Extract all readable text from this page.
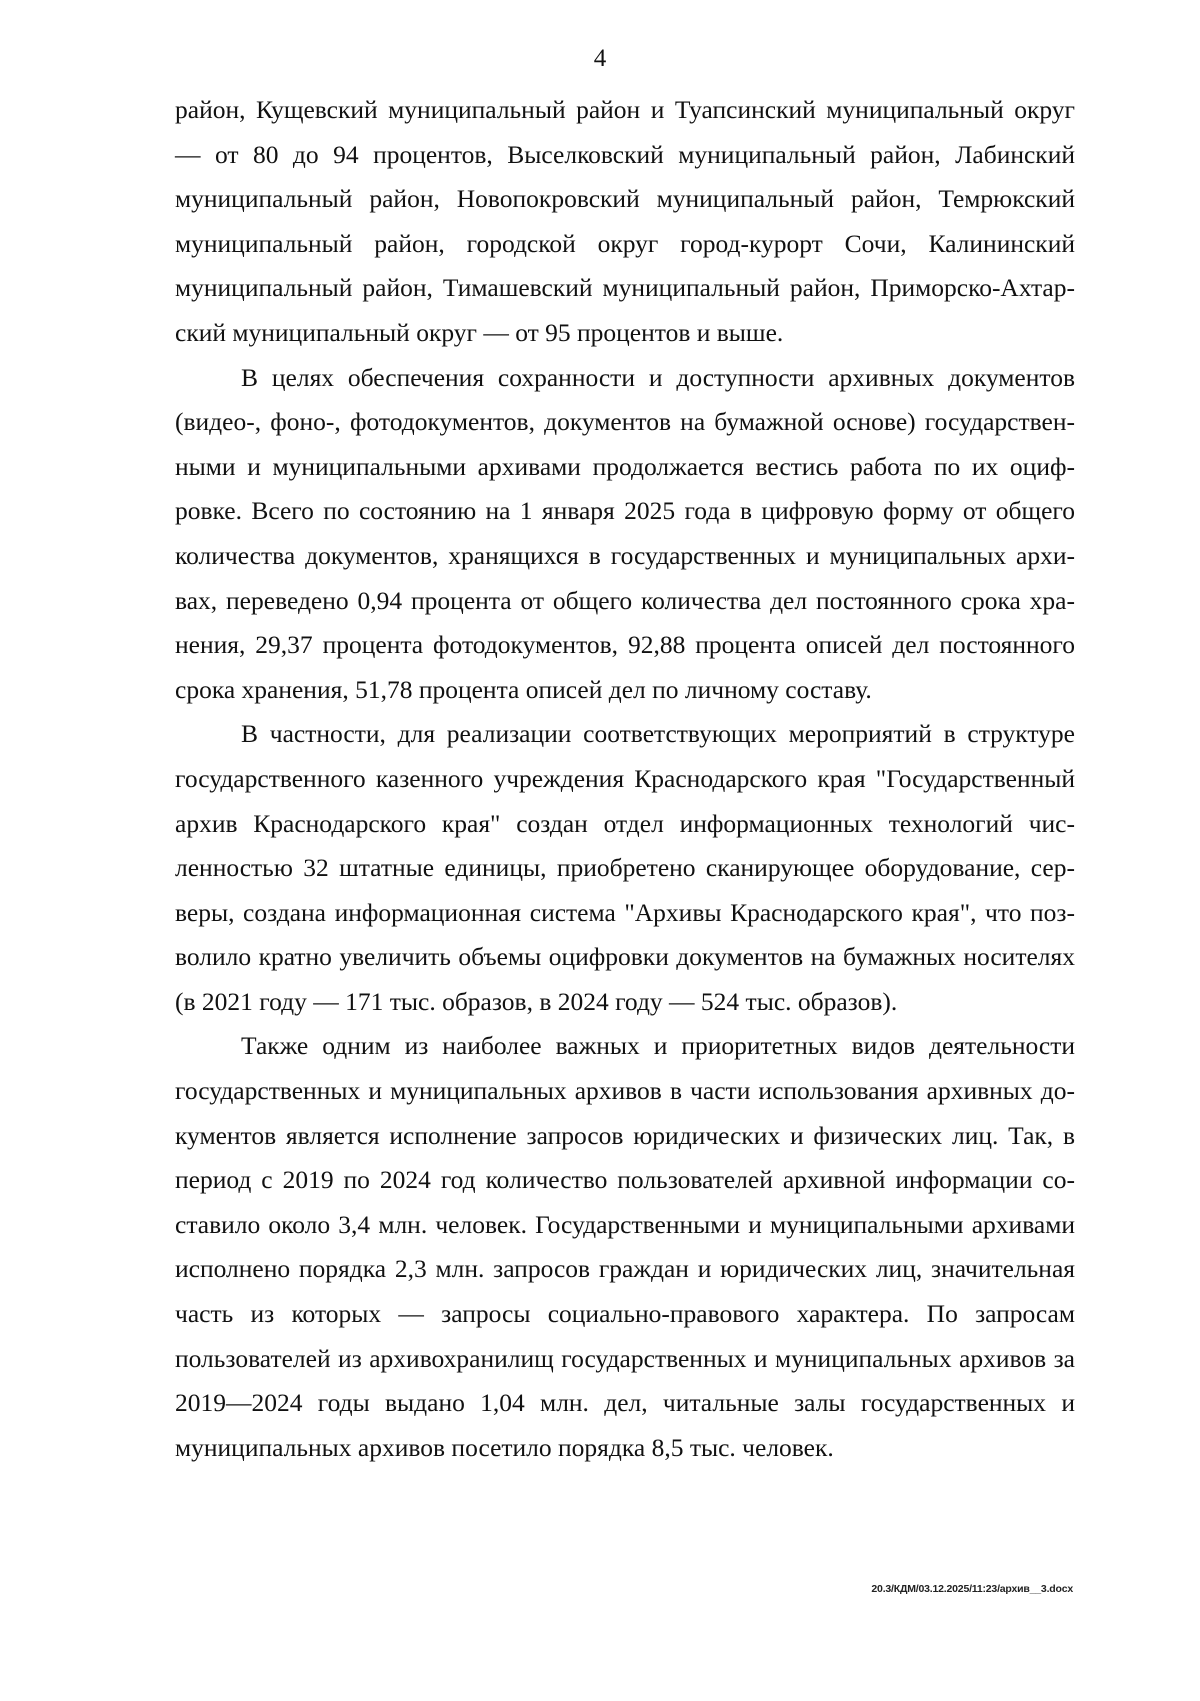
4

район, Кущевский муниципальный район и Туапсинский муниципальный округ — от 80 до 94 процентов, Выселковский муниципальный район, Лабинский муниципальный район, Новопокровский муниципальный район, Темрюкский муниципальный район, городской округ город-курорт Сочи, Калининский муниципальный район, Тимашевский муниципальный район, Приморско-Ахтарский муниципальный округ — от 95 процентов и выше.

В целях обеспечения сохранности и доступности архивных документов (видео-, фоно-, фотодокументов, документов на бумажной основе) государственными и муниципальными архивами продолжается вестись работа по их оцифровке. Всего по состоянию на 1 января 2025 года в цифровую форму от общего количества документов, хранящихся в государственных и муниципальных архивах, переведено 0,94 процента от общего количества дел постоянного срока хранения, 29,37 процента фотодокументов, 92,88 процента описей дел постоянного срока хранения, 51,78 процента описей дел по личному составу.

В частности, для реализации соответствующих мероприятий в структуре государственного казенного учреждения Краснодарского края "Государственный архив Краснодарского края" создан отдел информационных технологий численностью 32 штатные единицы, приобретено сканирующее оборудование, серверы, создана информационная система "Архивы Краснодарского края", что позволило кратно увеличить объемы оцифровки документов на бумажных носителях (в 2021 году — 171 тыс. образов, в 2024 году — 524 тыс. образов).

Также одним из наиболее важных и приоритетных видов деятельности государственных и муниципальных архивов в части использования архивных документов является исполнение запросов юридических и физических лиц. Так, в период с 2019 по 2024 год количество пользователей архивной информации составило около 3,4 млн. человек. Государственными и муниципальными архивами исполнено порядка 2,3 млн. запросов граждан и юридических лиц, значительная часть из которых — запросы социально-правового характера. По запросам пользователей из архивохранилищ государственных и муниципальных архивов за 2019—2024 годы выдано 1,04 млн. дел, читальные залы государственных и муниципальных архивов посетило порядка 8,5 тыс. человек.

20.3/КДМ/03.12.2025/11:23/архив__3.docx
